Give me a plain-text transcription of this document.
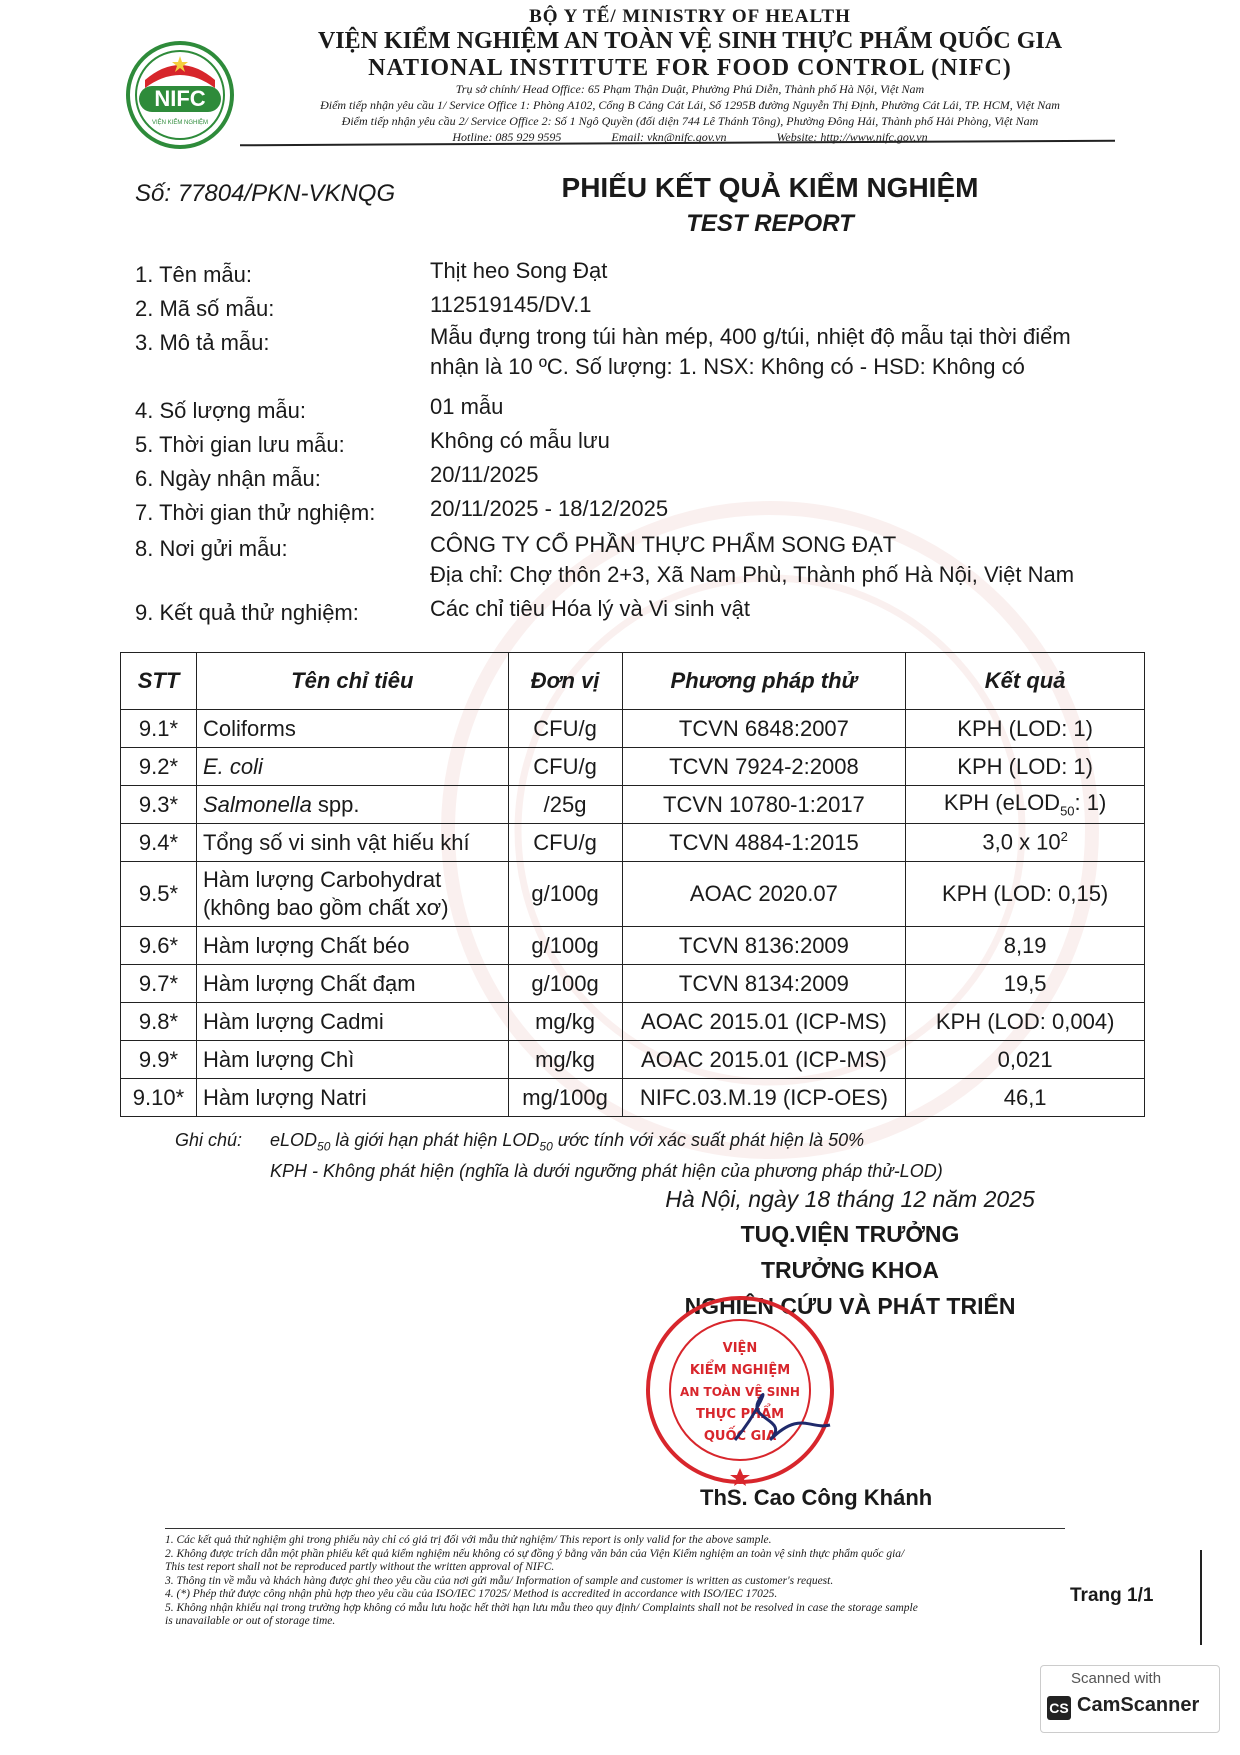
NIFC
VIỆN KIỂM NGHIỆM
BỘ Y TẾ/ MINISTRY OF HEALTH
VIỆN KIỂM NGHIỆM AN TOÀN VỆ SINH THỰC PHẨM QUỐC GIA
NATIONAL INSTITUTE FOR FOOD CONTROL (NIFC)
Trụ sở chính/ Head Office: 65 Phạm Thận Duật, Phường Phú Diễn, Thành phố Hà Nội, Việt Nam
Điểm tiếp nhận yêu cầu 1/ Service Office 1: Phòng A102, Cổng B Cảng Cát Lái, Số 1295B đường Nguyễn Thị Định, Phường Cát Lái, TP. HCM, Việt Nam
Điểm tiếp nhận yêu cầu 2/ Service Office 2: Số 1 Ngô Quyền (đối diện 744 Lê Thánh Tông), Phường Đông Hải, Thành phố Hải Phòng, Việt Nam
Hotline: 085 929 9595	Email: vkn@nifc.gov.vn	Website: http://www.nifc.gov.vn
Số: 77804/PKN-VKNQG	PHIẾU KẾT QUẢ KIỂM NGHIỆM
TEST REPORT
1. Tên mẫu:	Thịt heo Song Đạt
2. Mã số mẫu:	112519145/DV.1
3. Mô tả mẫu:	Mẫu đựng trong túi hàn mép, 400 g/túi, nhiệt độ mẫu tại thời điểm
nhận là 10 ºC. Số lượng: 1. NSX: Không có - HSD: Không có
4. Số lượng mẫu:	01 mẫu
5. Thời gian lưu mẫu:	Không có mẫu lưu
6. Ngày nhận mẫu:	20/11/2025
7. Thời gian thử nghiệm: 20/11/2025 - 18/12/2025
8. Nơi gửi mẫu:	CÔNG TY CỔ PHẦN THỰC PHẨM SONG ĐẠT
Địa chỉ: Chợ thôn 2+3, Xã Nam Phù, Thành phố Hà Nội, Việt Nam
9. Kết quả thử nghiệm:	Các chỉ tiêu Hóa lý và Vi sinh vật
STT	Tên chỉ tiêu	Đơn vị	Phương pháp thử	Kết quả
9.1*	Coliforms	CFU/g	TCVN 6848:2007	KPH (LOD: 1)
9.2*	E. coli	CFU/g	TCVN 7924-2:2008	KPH (LOD: 1)
9.3*	Salmonella spp.	/25g	TCVN 10780-1:2017	KPH (eLOD$_{50}$: 1)
9.4*	Tổng số vi sinh vật hiếu khí	CFU/g	TCVN 4884-1:2015	3,0 x $10^2$
9.5*	Hàm lượng Carbohydrat
(không bao gồm chất xơ)	g/100g	AOAC 2020.07	KPH (LOD: 0,15)
9.6*	Hàm lượng Chất béo	g/100g	TCVN 8136:2009	8,19
9.7*	Hàm lượng Chất đạm	g/100g	TCVN 8134:2009	19,5
9.8*	Hàm lượng Cadmi	mg/kg	AOAC 2015.01 (ICP-MS)	KPH (LOD: 0,004)
9.9*	Hàm lượng Chì	mg/kg	AOAC 2015.01 (ICP-MS)	0,021
9.10*	Hàm lượng Natri	mg/100g	NIFC.03.M.19 (ICP-OES)	46,1
Ghi chú: eLOD$_{50}$ là giới hạn phát hiện $LOD_{50}$ ước tính với xác suất phát hiện là 50%
KPH - Không phát hiện (nghĩa là dưới ngưỡng phát hiện của phương pháp thử-LOD)
Hà Nội, ngày 18 tháng 12 năm 2025
TUQ.VIỆN TRƯỞNG
TRƯỞNG KHOA
NGHIÊN CỨU VÀ PHÁT TRIỂN
VIỆN
KIỂM NGHIỆM
AN TOÀN VỆ SINH
THỰC PHẨM
QUỐC GIA
ThS. Cao Công Khánh
1. Các kết quả thử nghiệm ghi trong phiếu này chỉ có giá trị đối với mẫu thử nghiệm/ This report is only valid for the above sample.
2. Không được trích dẫn một phần phiếu kết quả kiểm nghiệm nếu không có sự đồng ý bằng văn bản của Viện Kiểm nghiệm an toàn vệ sinh thực phẩm quốc gia/
This test report shall not be reproduced partly without the written approval of NIFC.
3. Thông tin về mẫu và khách hàng được ghi theo yêu cầu của nơi gửi mẫu/ Information of sample and customer is written as customer's request.
4. (*) Phép thử được công nhận phù hợp theo yêu cầu của ISO/IEC 17025/ Method is accredited in accordance with ISO/IEC 17025.
5. Không nhận khiếu nại trong trường hợp không có mẫu lưu hoặc hết thời hạn lưu mẫu theo quy định/ Complaints shall not be resolved in case the storage sample
is unavailable or out of storage time.
Trang 1/1
Scanned with
CS CamScanner
